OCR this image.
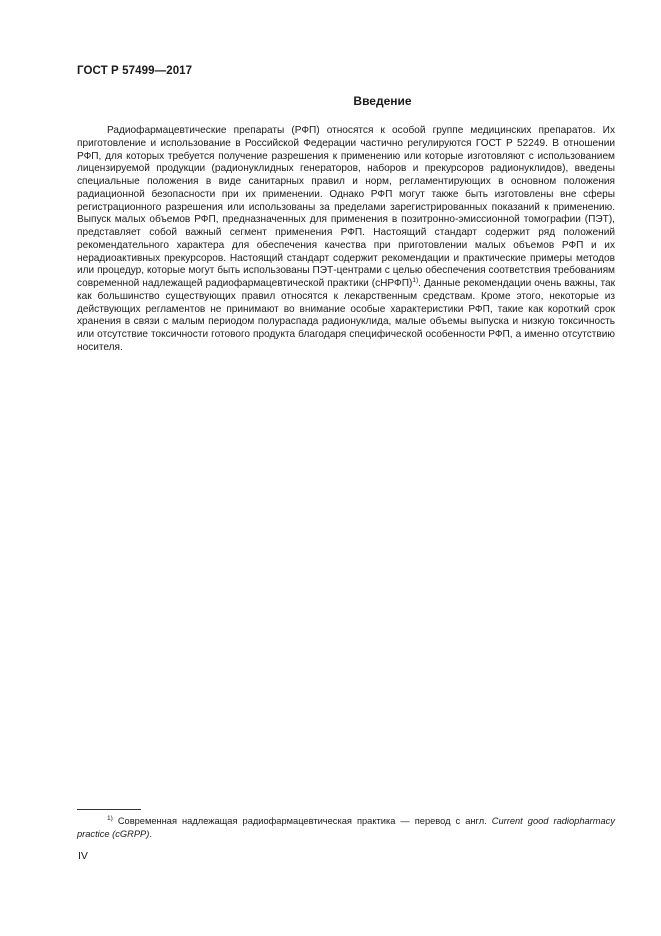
ГОСТ Р 57499—2017
Введение

Радиофармацевтические препараты (РФП) относятся к особой группе медицинских препаратов. Их приготовление и использование в Российской Федерации частично регулируются ГОСТ Р 52249. В отношении РФП, для которых требуется получение разрешения к применению или которые изготовляют с использованием лицензируемой продукции (радионуклидных генераторов, наборов и прекурсоров радионуклидов), введены специальные положения в виде санитарных правил и норм, регламентирующих в основном положения радиационной безопасности при их применении. Однако РФП могут также быть изготовлены вне сферы регистрационного разрешения или использованы за пределами зарегистрированных показаний к применению. Выпуск малых объемов РФП, предназначенных для применения в позитронно-эмиссионной томографии (ПЭТ), представляет собой важный сегмент применения РФП. Настоящий стандарт содержит ряд положений рекомендательного характера для обеспечения качества при приготовлении малых объемов РФП и их нерадиоактивных прекурсоров. Настоящий стандарт содержит рекомендации и практические примеры методов или процедур, которые могут быть использованы ПЭТ-центрами с целью обеспечения соответствия требованиям современной надлежащей радиофармацевтической практики (сНРФП)$^{1)}$. Данные рекомендации очень важны, так как большинство существующих правил относятся к лекарственным средствам. Кроме этого, некоторые из действующих регламентов не принимают во внимание особые характеристики РФП, такие как короткий срок хранения в связи с малым периодом полураспада радионуклида, малые объемы выпуска и низкую токсичность или отсутствие токсичности готового продукта благодаря специфической особенности РФП, а именно отсутствию носителя.

$^{1)}$ Современная надлежащая радиофармацевтическая практика — перевод с англ. Current good radiopharmacy practice (cGRPP).

IV
